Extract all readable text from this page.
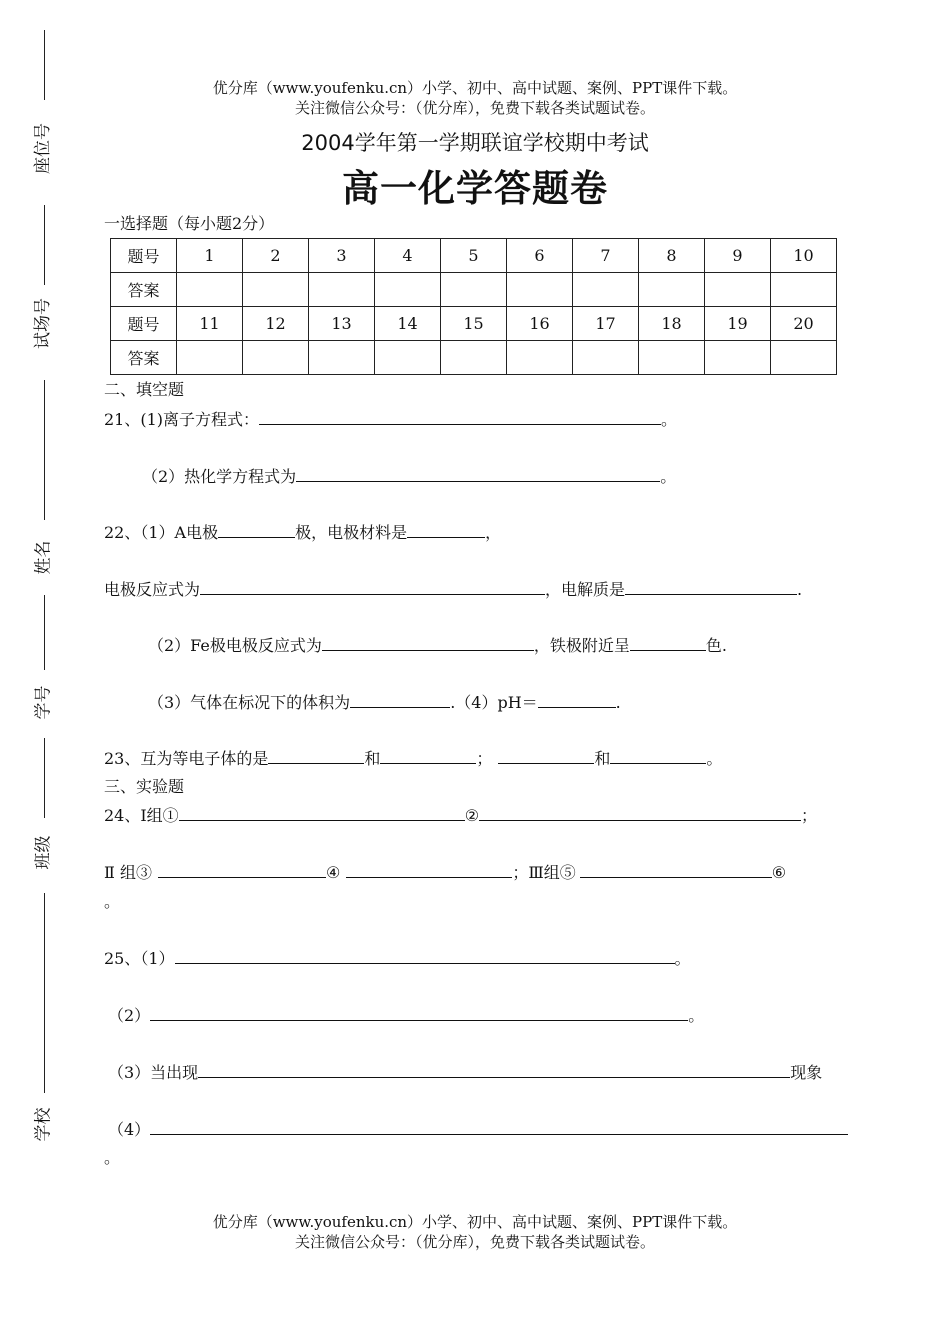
优分库（www.youfenku.cn）小学、初中、高中试题、案例、PPT课件下载。
关注微信公众号：（优分库），免费下载各类试题试卷。
2004学年第一学期联谊学校期中考试
高一化学答题卷
座位号
试场号
姓名
学号
班级
学校
一选择题（每小题2分）
题号	1	2	3	4	5	6	7	8	9	10
答案										
题号	11	12	13	14	15	16	17	18	19	20
答案										
二、填空题
21、(1)离子方程式：	。
（2）热化学方程式为	。
22、（1）A电极	极，电极材料是	，
电极反应式为	，电解质是	.
（2）Fe极电极反应式为	，铁极附近呈	色.
（3）气体在标况下的体积为	.（4）pH＝	.
23、互为等电子体的是	和	；	和	。
三、实验题
24、Ⅰ组①	②	；
Ⅱ 组③	④	；Ⅲ组⑤	⑥
。
25、（1）	。
（2）	。
（3）当出现	现象
（4）
。
优分库（www.youfenku.cn）小学、初中、高中试题、案例、PPT课件下载。
关注微信公众号：（优分库），免费下载各类试题试卷。
